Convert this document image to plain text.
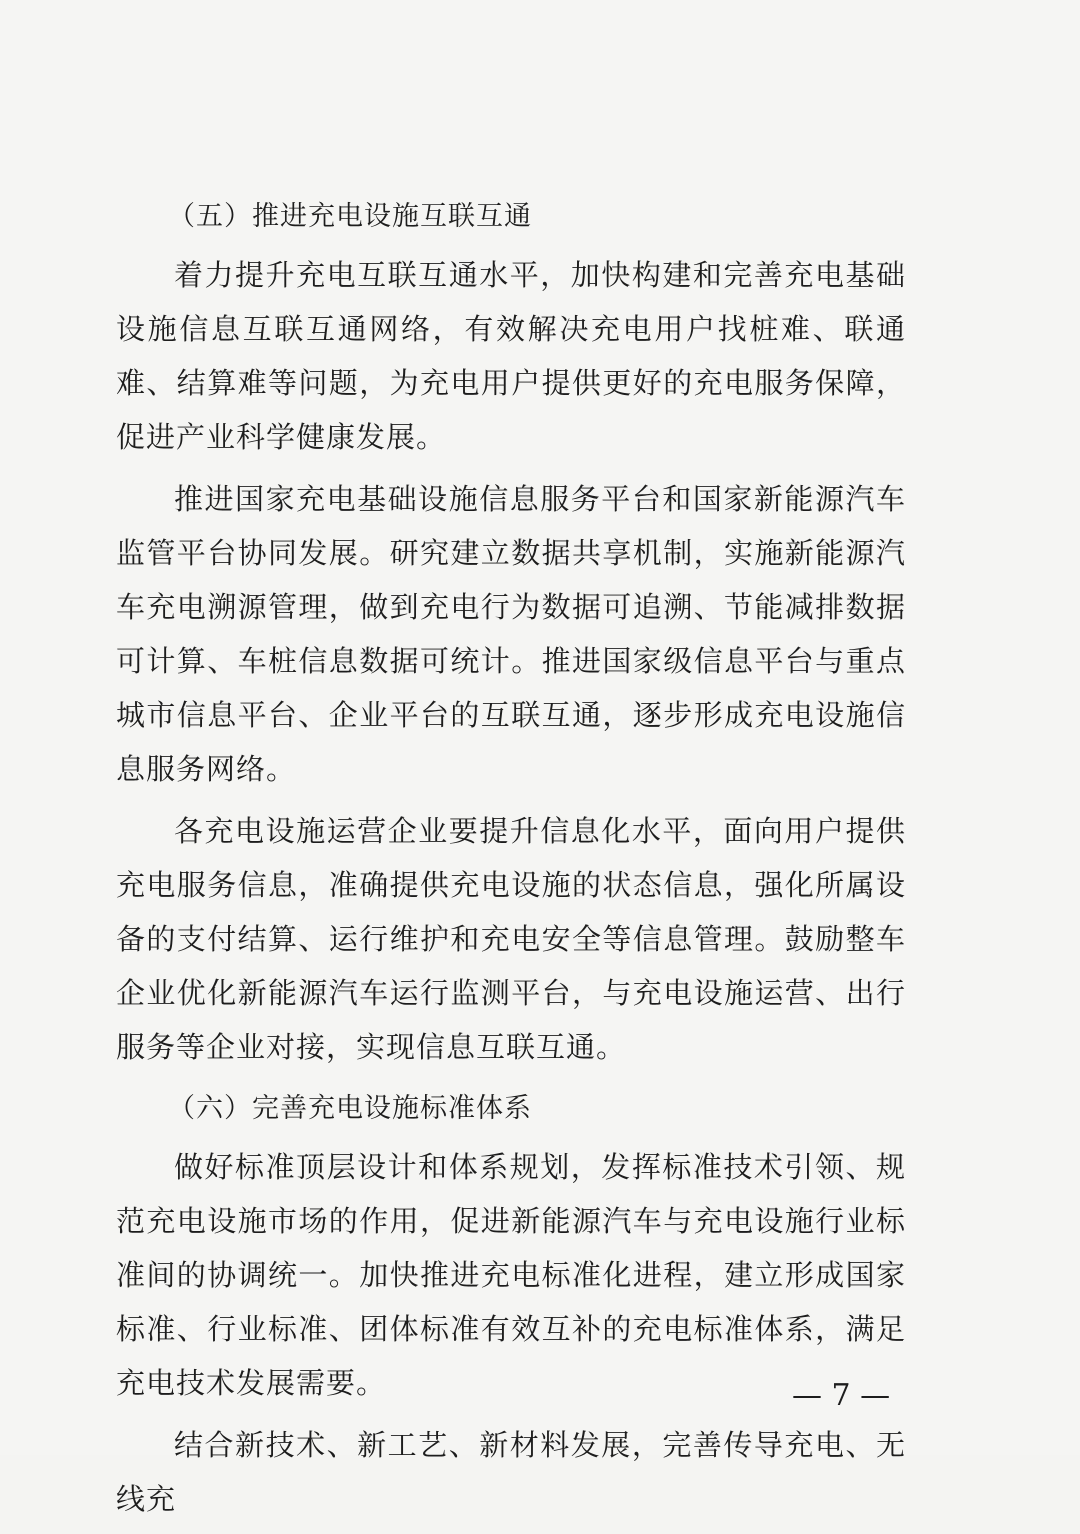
（五）推进充电设施互联互通

着力提升充电互联互通水平，加快构建和完善充电基础设施信息互联互通网络，有效解决充电用户找桩难、联通难、结算难等问题，为充电用户提供更好的充电服务保障，促进产业科学健康发展。

推进国家充电基础设施信息服务平台和国家新能源汽车监管平台协同发展。研究建立数据共享机制，实施新能源汽车充电溯源管理，做到充电行为数据可追溯、节能减排数据可计算、车桩信息数据可统计。推进国家级信息平台与重点城市信息平台、企业平台的互联互通，逐步形成充电设施信息服务网络。

各充电设施运营企业要提升信息化水平，面向用户提供充电服务信息，准确提供充电设施的状态信息，强化所属设备的支付结算、运行维护和充电安全等信息管理。鼓励整车企业优化新能源汽车运行监测平台，与充电设施运营、出行服务等企业对接，实现信息互联互通。

（六）完善充电设施标准体系

做好标准顶层设计和体系规划，发挥标准技术引领、规范充电设施市场的作用，促进新能源汽车与充电设施行业标准间的协调统一。加快推进充电标准化进程，建立形成国家标准、行业标准、团体标准有效互补的充电标准体系，满足充电技术发展需要。

结合新技术、新工艺、新材料发展，完善传导充电、无线充

— 7 —
